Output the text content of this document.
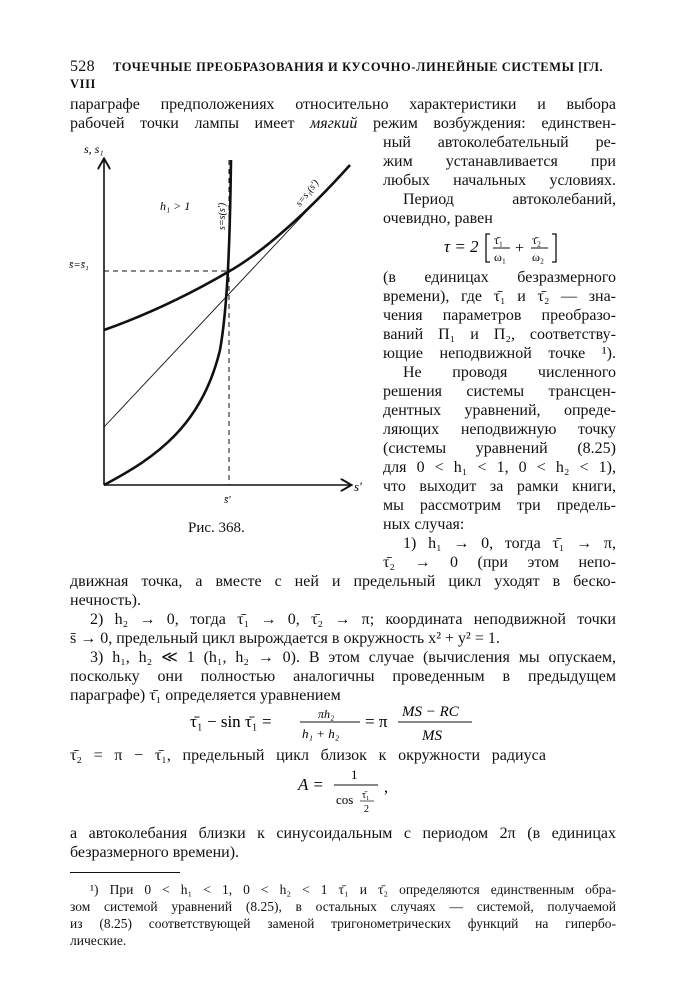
528 ТОЧЕЧНЫЕ ПРЕОБРАЗОВАНИЯ И КУСОЧНО-ЛИНЕЙНЫЕ СИСТЕМЫ [ГЛ. VIII
параграфе предположениях относительно характеристики и выбора
рабочей точки лампы имеет мягкий режим возбуждения: единствен-
s, s₁
s'
h₁ > 1	s=s(s')
s=s₁(s')
s̄=s̄₁
s̄'
Рис. 368.
ный автоколебательный ре-
жим устанавливается при
любых начальных условиях.
Период автоколебаний,
очевидно, равен
τ = 2 τ̄₁
ω₁ + τ̄₂
ω₂
(в единицах безразмерного
времени), где τ̄₁ и τ̄₂ — зна-
чения параметров преобразо-
ваний Π₁ и Π₂, соответству-
ющие неподвижной точке ¹).
Не проводя численного
решения системы трансцен-
дентных уравнений, опреде-
ляющих неподвижную точку
(системы уравнений (8.25)
для 0 < h₁ < 1, 0 < h₂ < 1),
что выходит за рамки книги,
мы рассмотрим три предель-
ных случая:
1) h₁ → 0, тогда τ̄₁ → π,
τ̄₂ → 0 (при этом непо-
движная точка, а вместе с ней и предельный цикл уходят в беско-
нечность).
2) h₂ → 0, тогда τ̄₁ → 0, τ̄₂ → π; координата неподвижной точки
s̄ → 0, предельный цикл вырождается в окружность x² + y² = 1.
3) h₁, h₂ ≪ 1 (h₁, h₂ → 0). В этом случае (вычисления мы опускаем,
поскольку они полностью аналогичны проведенным в предыдущем
параграфе) τ̄₁ определяется уравнением
τ̄₁ − sin τ̄₁ =	πh₂
h₁ + h₂
= π MS − RC
MS
τ̄₂ = π − τ̄₁, предельный цикл близок к окружности радиуса
A =
1
cos τ̄₁
2
,
а автоколебания близки к синусоидальным с периодом 2π (в единицах
безразмерного времени).
¹) При 0 < h₁ < 1, 0 < h₂ < 1 τ̄₁ и τ̄₂ определяются единственным обра-
зом системой уравнений (8.25), в остальных случаях — системой, получаемой
из (8.25) соответствующей заменой тригонометрических функций на гипербо-
лические.
